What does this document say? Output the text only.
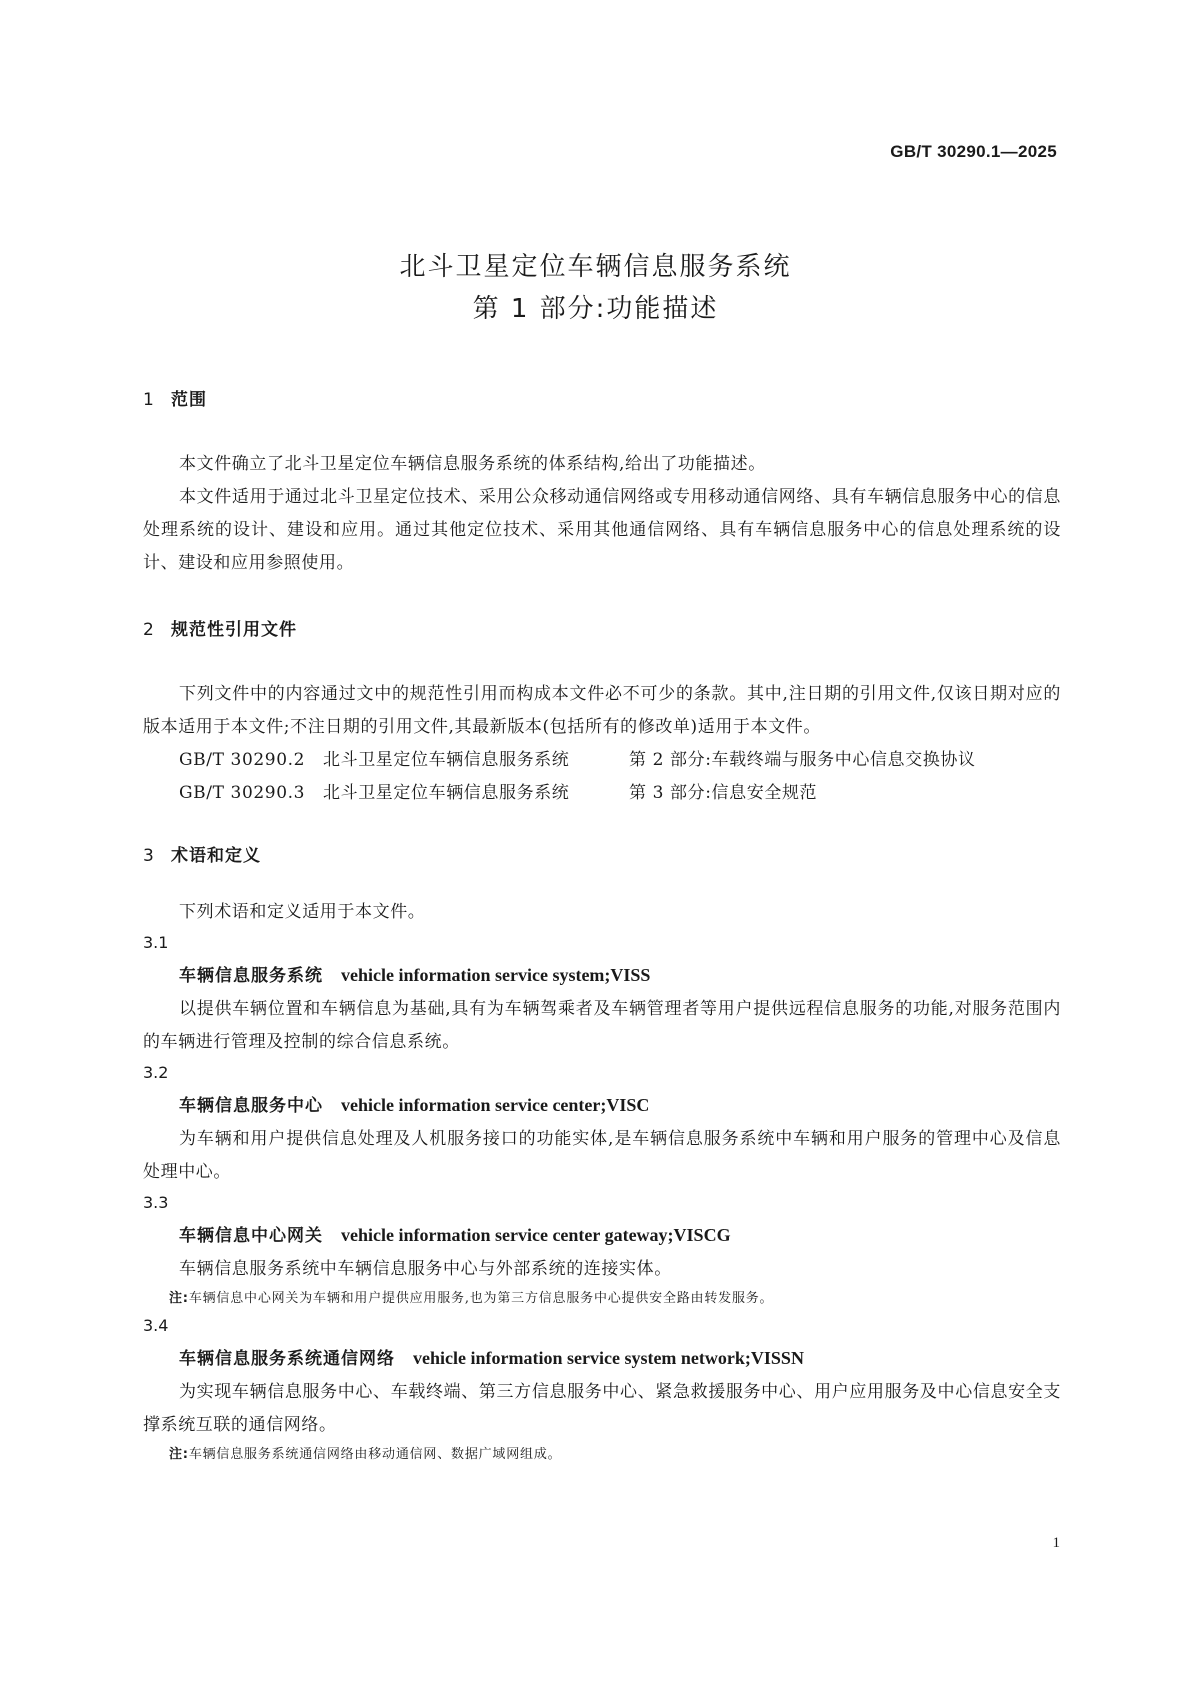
GB/T 30290.1—2025
北斗卫星定位车辆信息服务系统
第 1 部分:功能描述
1 范围

本文件确立了北斗卫星定位车辆信息服务系统的体系结构,给出了功能描述。

本文件适用于通过北斗卫星定位技术、采用公众移动通信网络或专用移动通信网络、具有车辆信息服务中心的信息处理系统的设计、建设和应用。通过其他定位技术、采用其他通信网络、具有车辆信息服务中心的信息处理系统的设计、建设和应用参照使用。

2 规范性引用文件

下列文件中的内容通过文中的规范性引用而构成本文件必不可少的条款。其中,注日期的引用文件,仅该日期对应的版本适用于本文件;不注日期的引用文件,其最新版本(包括所有的修改单)适用于本文件。

GB/T 30290.2 北斗卫星定位车辆信息服务系统	第 2 部分:车载终端与服务中心信息交换协议
GB/T 30290.3 北斗卫星定位车辆信息服务系统	第 3 部分:信息安全规范
3 术语和定义

下列术语和定义适用于本文件。

3.1
车辆信息服务系统 vehicle information service system;VISS

以提供车辆位置和车辆信息为基础,具有为车辆驾乘者及车辆管理者等用户提供远程信息服务的功能,对服务范围内的车辆进行管理及控制的综合信息系统。

3.2
车辆信息服务中心 vehicle information service center;VISC

为车辆和用户提供信息处理及人机服务接口的功能实体,是车辆信息服务系统中车辆和用户服务的管理中心及信息处理中心。

3.3
车辆信息中心网关 vehicle information service center gateway;VISCG

车辆信息服务系统中车辆信息服务中心与外部系统的连接实体。

注:车辆信息中心网关为车辆和用户提供应用服务,也为第三方信息服务中心提供安全路由转发服务。

3.4
车辆信息服务系统通信网络 vehicle information service system network;VISSN

为实现车辆信息服务中心、车载终端、第三方信息服务中心、紧急救援服务中心、用户应用服务及中心信息安全支撑系统互联的通信网络。

注:车辆信息服务系统通信网络由移动通信网、数据广域网组成。

1
